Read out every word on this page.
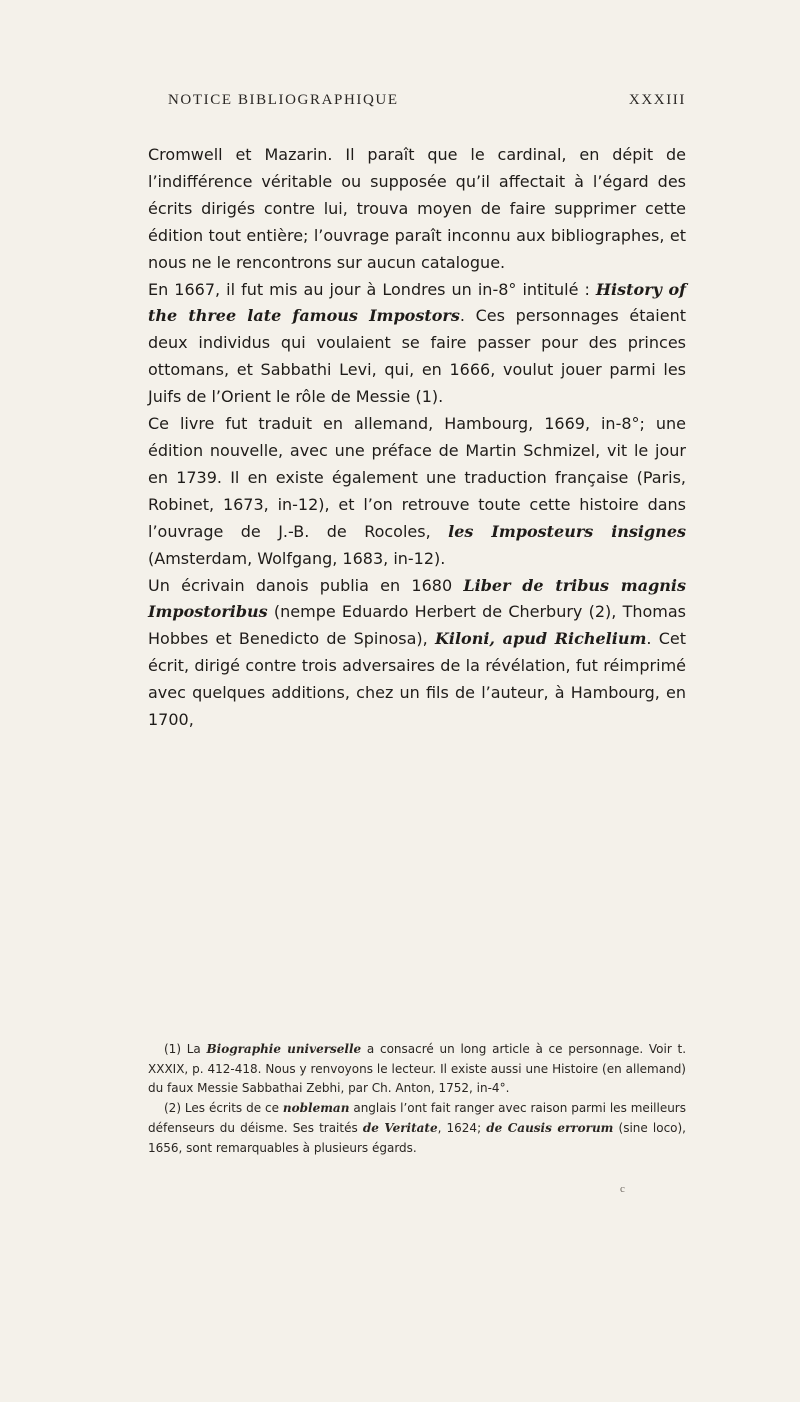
NOTICE BIBLIOGRAPHIQUE	XXXIII

Cromwell et Mazarin. Il paraît que le cardinal, en dépit de l’indifférence véritable ou supposée qu’il affectait à l’égard des écrits dirigés contre lui, trouva moyen de faire supprimer cette édition tout entière; l’ouvrage paraît inconnu aux bibliographes, et nous ne le rencontrons sur aucun catalogue.

En 1667, il fut mis au jour à Londres un in-8° intitulé : History of the three late famous Impostors. Ces personnages étaient deux individus qui voulaient se faire passer pour des princes ottomans, et Sabbathi Levi, qui, en 1666, voulut jouer parmi les Juifs de l’Orient le rôle de Messie (1).

Ce livre fut traduit en allemand, Hambourg, 1669, in-8°; une édition nouvelle, avec une préface de Martin Schmizel, vit le jour en 1739. Il en existe également une traduction française (Paris, Robinet, 1673, in-12), et l’on retrouve toute cette histoire dans l’ouvrage de J.-B. de Rocoles, les Imposteurs insignes (Amsterdam, Wolfgang, 1683, in-12).

Un écrivain danois publia en 1680 Liber de tribus magnis Impostoribus (nempe Eduardo Herbert de Cherbury (2), Thomas Hobbes et Benedicto de Spinosa), Kiloni, apud Richelium. Cet écrit, dirigé contre trois adversaires de la révélation, fut réimprimé avec quelques additions, chez un fils de l’auteur, à Hambourg, en 1700,

(1) La Biographie universelle a consacré un long article à ce personnage. Voir t. XXXIX, p. 412-418. Nous y renvoyons le lecteur. Il existe aussi une Histoire (en allemand) du faux Messie Sabbathai Zebhi, par Ch. Anton, 1752, in-4°.

(2) Les écrits de ce nobleman anglais l’ont fait ranger avec raison parmi les meilleurs défenseurs du déisme. Ses traités de Veritate, 1624; de Causis errorum (sine loco), 1656, sont remarquables à plusieurs égards.

c
